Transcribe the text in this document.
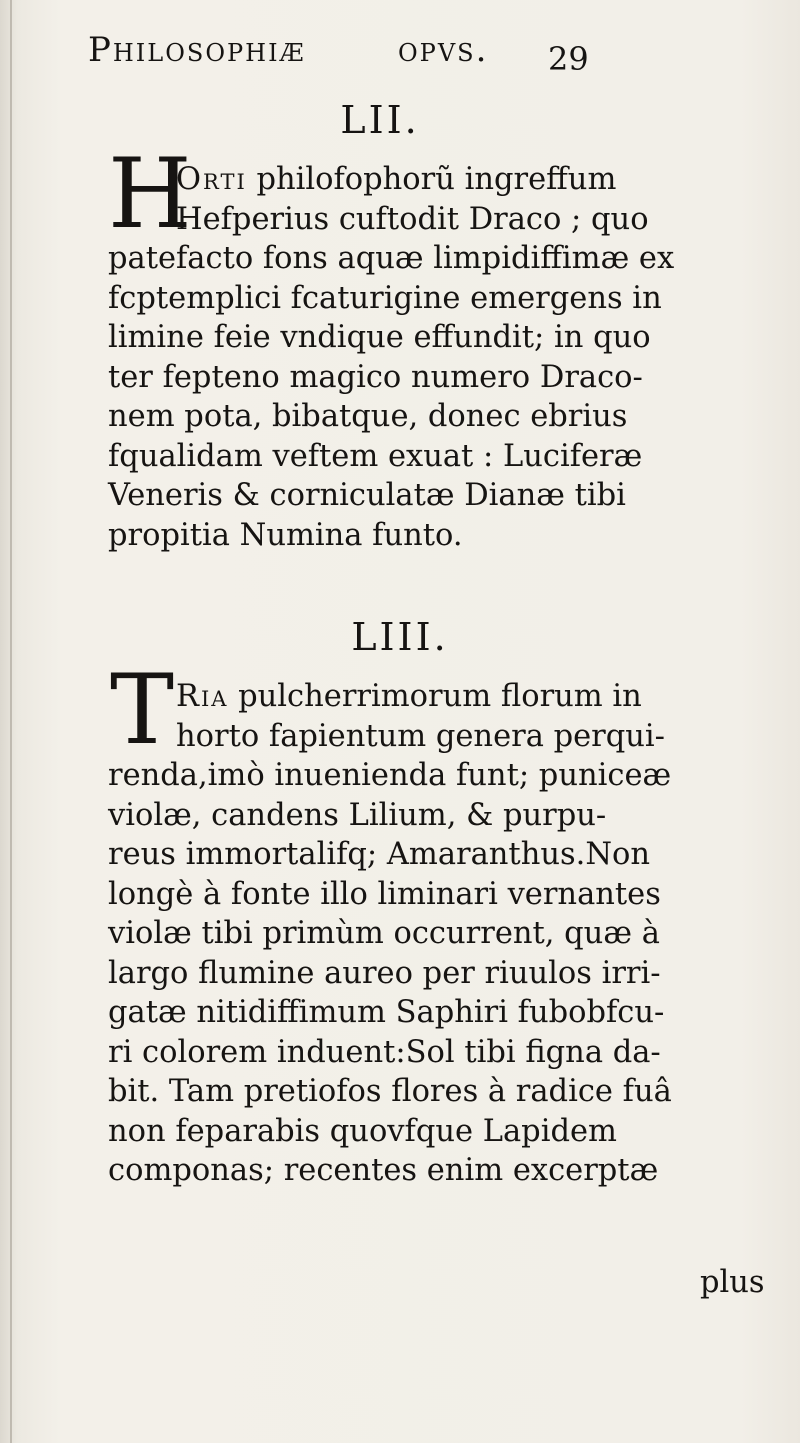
Philosophiæ	opvs. 29
LII.
H
Orti philofophorũ ingreffum
Hefperius cuftodit Draco ; quo
patefacto fons aquæ limpidiffimæ ex
fcptemplici fcaturigine emergens in
limine feie vndique effundit; in quo
ter fepteno magico numero Draco-
nem pota, bibatque, donec ebrius
fqualidam veftem exuat : Luciferæ
Veneris & corniculatæ Dianæ tibi
propitia Numina funto.
LIII.
T Ria pulcherrimorum florum in
horto fapientum genera perqui-
renda,imò inuenienda funt; puniceæ
violæ, candens Lilium, & purpu-
reus immortalifq; Amaranthus.Non
longè à fonte illo liminari vernantes
violæ tibi primùm occurrent, quæ à
largo flumine aureo per riuulos irri-
gatæ nitidiffimum Saphiri fubobfcu-
ri colorem induent:Sol tibi figna da-
bit. Tam pretiofos flores à radice fuâ
non feparabis quovfque Lapidem
componas; recentes enim excerptæ
plus
